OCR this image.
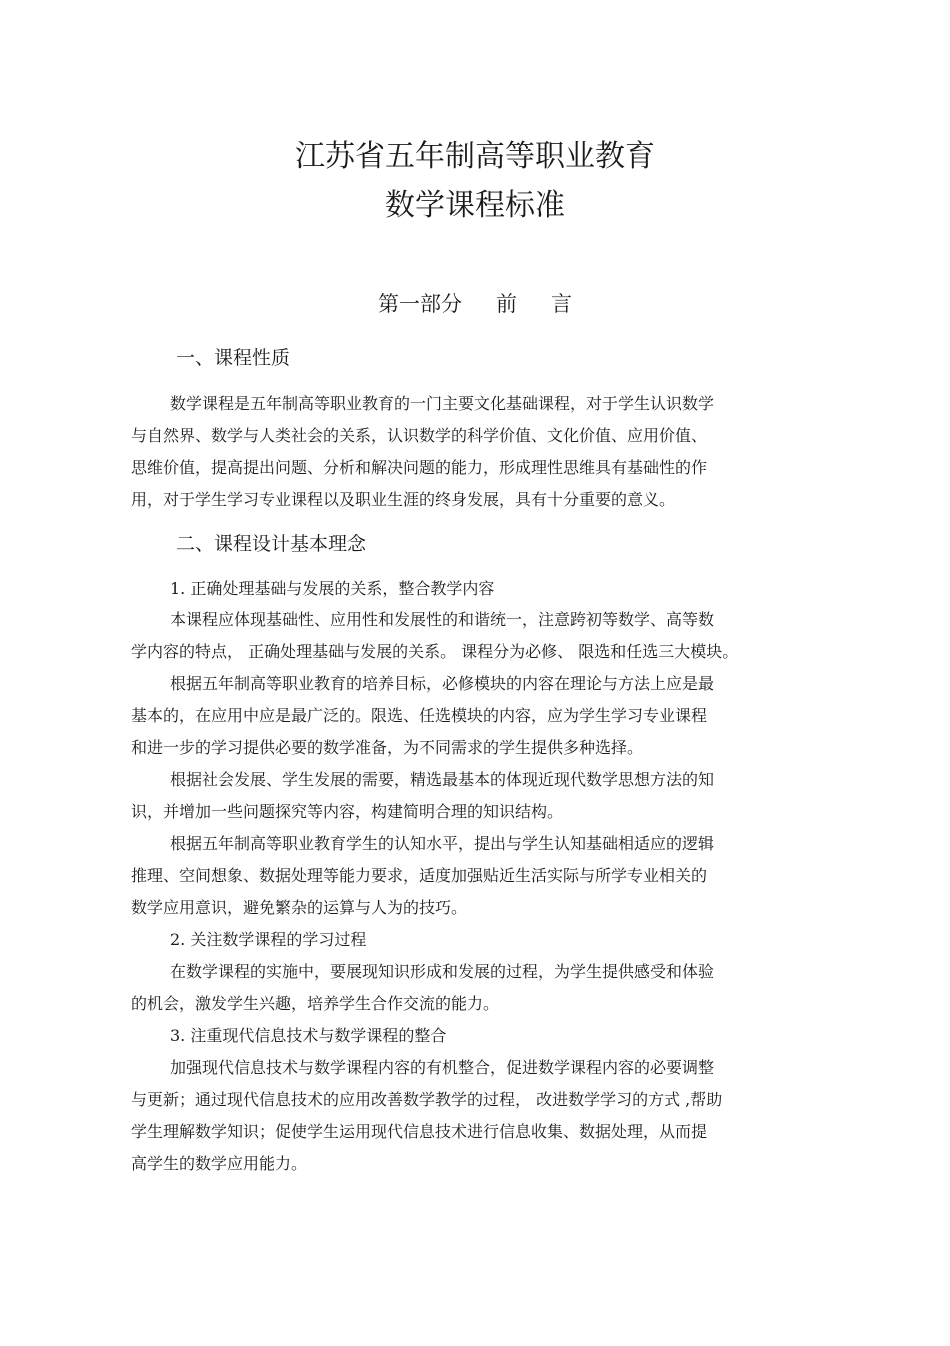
江苏省五年制高等职业教育
数学课程标准
第一部分 前 言
一、课程性质
数学课程是五年制高等职业教育的一门主要文化基础课程，对于学生认识数学
与自然界、数学与人类社会的关系，认识数学的科学价值、文化价值、应用价值、
思维价值，提高提出问题、分析和解决问题的能力，形成理性思维具有基础性的作
用，对于学生学习专业课程以及职业生涯的终身发展，具有十分重要的意义。
二、课程设计基本理念
1. 正确处理基础与发展的关系，整合教学内容
本课程应体现基础性、应用性和发展性的和谐统一，注意跨初等数学、高等数
学内容的特点， 正确处理基础与发展的关系。 课程分为必修、 限选和任选三大模块。
根据五年制高等职业教育的培养目标，必修模块的内容在理论与方法上应是最
基本的，在应用中应是最广泛的。限选、任选模块的内容，应为学生学习专业课程
和进一步的学习提供必要的数学准备，为不同需求的学生提供多种选择。
根据社会发展、学生发展的需要，精选最基本的体现近现代数学思想方法的知
识，并增加一些问题探究等内容，构建简明合理的知识结构。
根据五年制高等职业教育学生的认知水平，提出与学生认知基础相适应的逻辑
推理、空间想象、数据处理等能力要求，适度加强贴近生活实际与所学专业相关的
数学应用意识，避免繁杂的运算与人为的技巧。
2. 关注数学课程的学习过程
在数学课程的实施中，要展现知识形成和发展的过程，为学生提供感受和体验
的机会，激发学生兴趣，培养学生合作交流的能力。
3. 注重现代信息技术与数学课程的整合
加强现代信息技术与数学课程内容的有机整合，促进数学课程内容的必要调整
与更新；通过现代信息技术的应用改善数学教学的过程， 改进数学学习的方式 ,帮助
学生理解数学知识；促使学生运用现代信息技术进行信息收集、数据处理，从而提
高学生的数学应用能力。
